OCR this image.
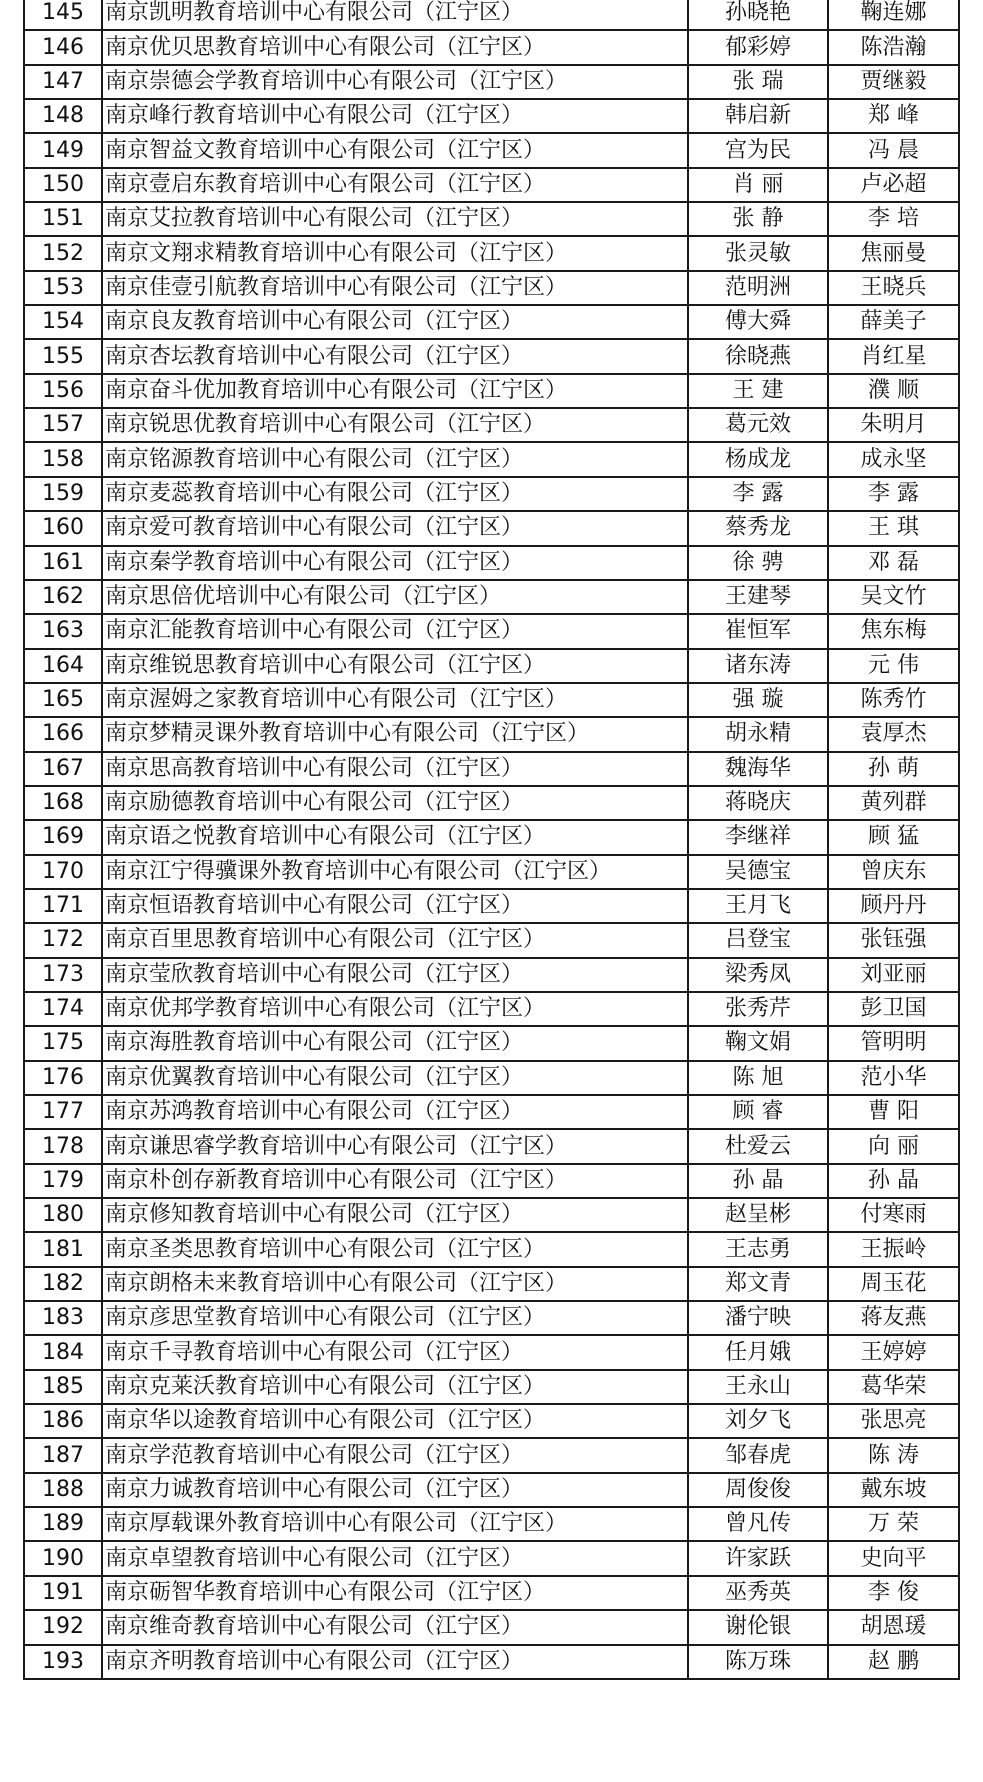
145	南京凯明教育培训中心有限公司（江宁区）	孙晓艳	鞠连娜
146	南京优贝思教育培训中心有限公司（江宁区）	郁彩婷	陈浩瀚
147	南京崇德会学教育培训中心有限公司（江宁区）	张 瑞	贾继毅
148	南京峰行教育培训中心有限公司（江宁区）	韩启新	郑 峰
149	南京智益文教育培训中心有限公司（江宁区）	宫为民	冯 晨
150	南京壹启东教育培训中心有限公司（江宁区）	肖 丽	卢必超
151	南京艾拉教育培训中心有限公司（江宁区）	张 静	李 培
152	南京文翔求精教育培训中心有限公司（江宁区）	张灵敏	焦丽曼
153	南京佳壹引航教育培训中心有限公司（江宁区）	范明洲	王晓兵
154	南京良友教育培训中心有限公司（江宁区）	傅大舜	薛美子
155	南京杏坛教育培训中心有限公司（江宁区）	徐晓燕	肖红星
156	南京奋斗优加教育培训中心有限公司（江宁区）	王 建	濮 顺
157	南京锐思优教育培训中心有限公司（江宁区）	葛元效	朱明月
158	南京铭源教育培训中心有限公司（江宁区）	杨成龙	成永坚
159	南京麦蕊教育培训中心有限公司（江宁区）	李 露	李 露
160	南京爱可教育培训中心有限公司（江宁区）	蔡秀龙	王 琪
161	南京秦学教育培训中心有限公司（江宁区）	徐 骋	邓 磊
162	南京思倍优培训中心有限公司（江宁区）	王建琴	吴文竹
163	南京汇能教育培训中心有限公司（江宁区）	崔恒军	焦东梅
164	南京维锐思教育培训中心有限公司（江宁区）	诸东涛	元 伟
165	南京渥姆之家教育培训中心有限公司（江宁区）	强 璇	陈秀竹
166	南京梦精灵课外教育培训中心有限公司（江宁区）	胡永精	袁厚杰
167	南京思高教育培训中心有限公司（江宁区）	魏海华	孙 萌
168	南京励德教育培训中心有限公司（江宁区）	蒋晓庆	黄列群
169	南京语之悦教育培训中心有限公司（江宁区）	李继祥	顾 猛
170	南京江宁得骥课外教育培训中心有限公司（江宁区）	吴德宝	曾庆东
171	南京恒语教育培训中心有限公司（江宁区）	王月飞	顾丹丹
172	南京百里思教育培训中心有限公司（江宁区）	吕登宝	张钰强
173	南京莹欣教育培训中心有限公司（江宁区）	梁秀凤	刘亚丽
174	南京优邦学教育培训中心有限公司（江宁区）	张秀芹	彭卫国
175	南京海胜教育培训中心有限公司（江宁区）	鞠文娟	管明明
176	南京优翼教育培训中心有限公司（江宁区）	陈 旭	范小华
177	南京苏鸿教育培训中心有限公司（江宁区）	顾 睿	曹 阳
178	南京谦思睿学教育培训中心有限公司（江宁区）	杜爱云	向 丽
179	南京朴创存新教育培训中心有限公司（江宁区）	孙 晶	孙 晶
180	南京修知教育培训中心有限公司（江宁区）	赵呈彬	付寒雨
181	南京圣类思教育培训中心有限公司（江宁区）	王志勇	王振岭
182	南京朗格未来教育培训中心有限公司（江宁区）	郑文青	周玉花
183	南京彦思堂教育培训中心有限公司（江宁区）	潘宁映	蒋友燕
184	南京千寻教育培训中心有限公司（江宁区）	任月娥	王婷婷
185	南京克莱沃教育培训中心有限公司（江宁区）	王永山	葛华荣
186	南京华以途教育培训中心有限公司（江宁区）	刘夕飞	张思亮
187	南京学范教育培训中心有限公司（江宁区）	邹春虎	陈 涛
188	南京力诚教育培训中心有限公司（江宁区）	周俊俊	戴东坡
189	南京厚载课外教育培训中心有限公司（江宁区）	曾凡传	万 荣
190	南京卓望教育培训中心有限公司（江宁区）	许家跃	史向平
191	南京砺智华教育培训中心有限公司（江宁区）	巫秀英	李 俊
192	南京维奇教育培训中心有限公司（江宁区）	谢伦银	胡恩瑗
193	南京齐明教育培训中心有限公司（江宁区）	陈万珠	赵 鹏
